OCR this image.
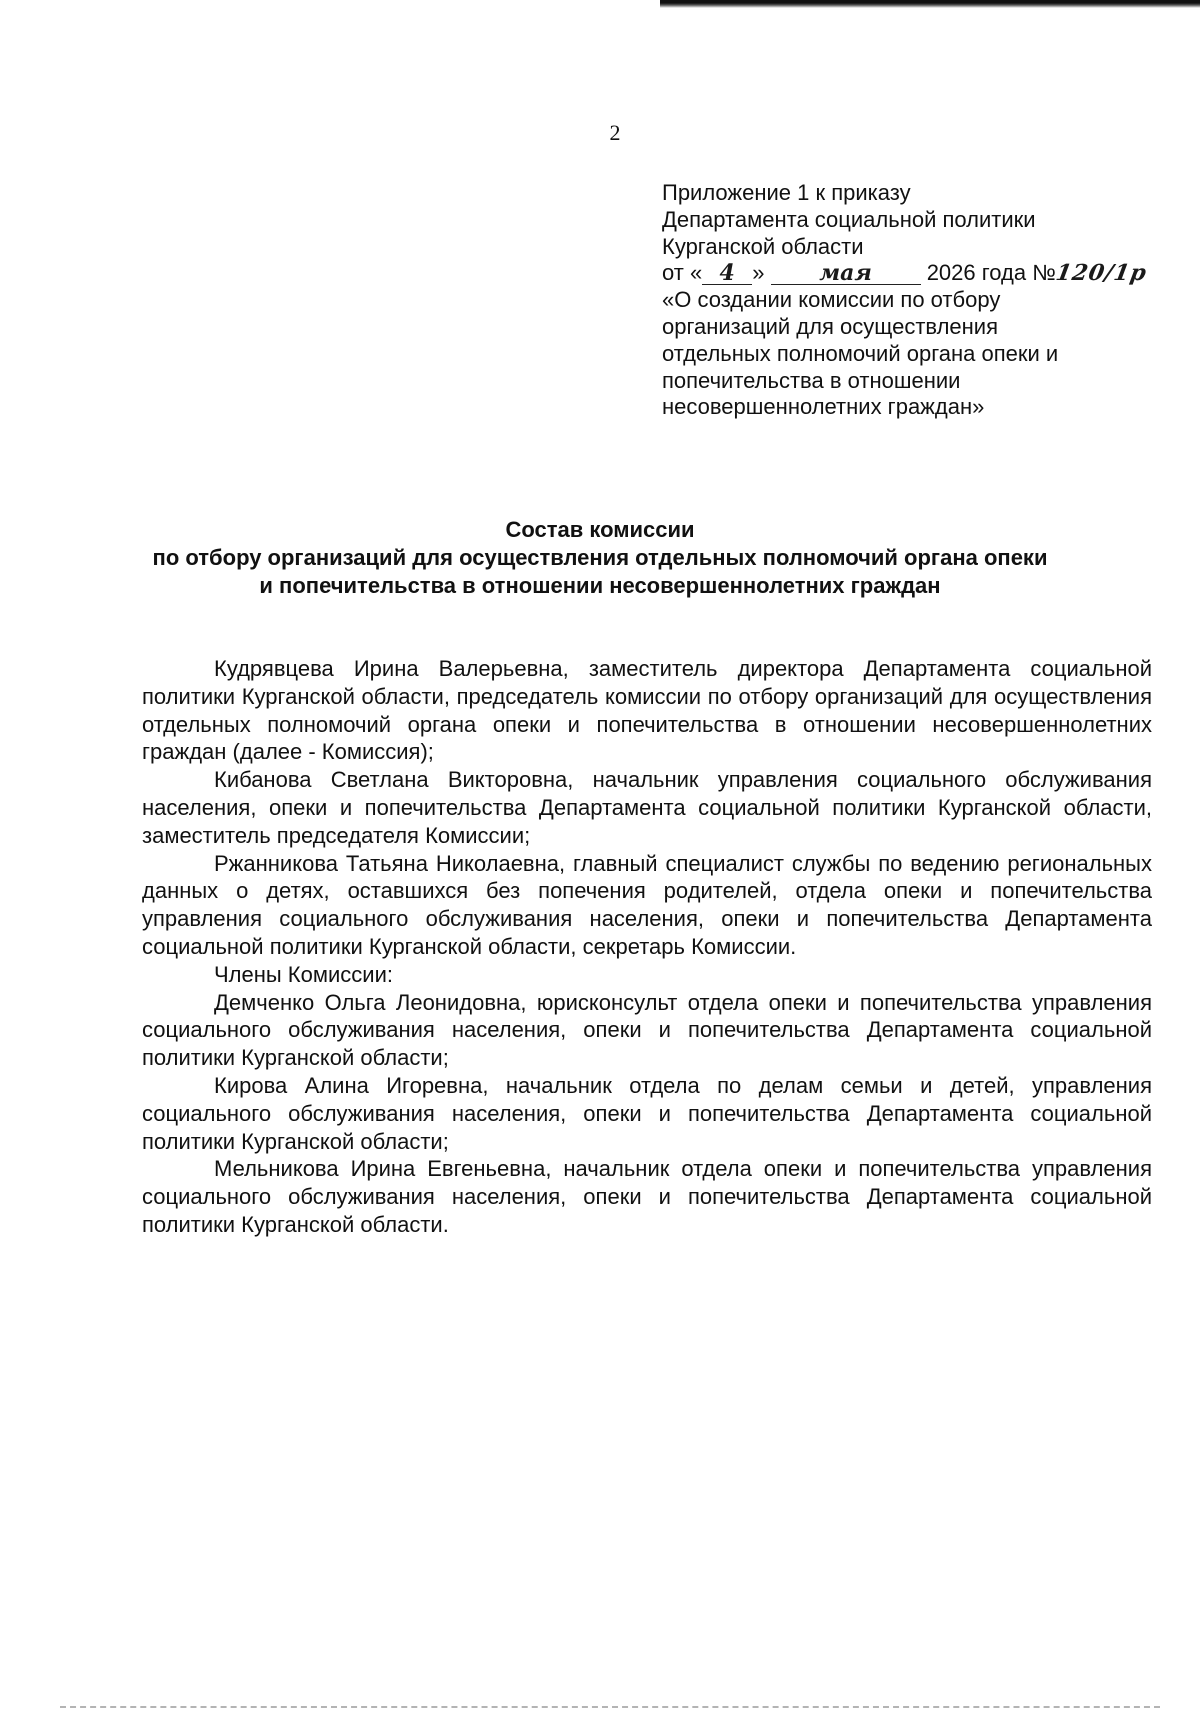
2
Приложение 1 к приказу
Департамента социальной политики
Курганской области
от « 4 » мая 2026 года №120/1р
«О создании комиссии по отбору
организаций для осуществления
отдельных полномочий органа опеки и
попечительства в отношении
несовершеннолетних граждан»
Состав комиссии
по отбору организаций для осуществления отдельных полномочий органа опеки
и попечительства в отношении несовершеннолетних граждан

Кудрявцева Ирина Валерьевна, заместитель директора Департамента социальной политики Курганской области, председатель комиссии по отбору организаций для осуществления отдельных полномочий органа опеки и попечительства в отношении несовершеннолетних граждан (далее - Комиссия);

Кибанова Светлана Викторовна, начальник управления социального обслуживания населения, опеки и попечительства Департамента социальной политики Курганской области, заместитель председателя Комиссии;

Ржанникова Татьяна Николаевна, главный специалист службы по ведению региональных данных о детях, оставшихся без попечения родителей, отдела опеки и попечительства управления социального обслуживания населения, опеки и попечительства Департамента социальной политики Курганской области, секретарь Комиссии.

Члены Комиссии:

Демченко Ольга Леонидовна, юрисконсульт отдела опеки и попечительства управления социального обслуживания населения, опеки и попечительства Департамента социальной политики Курганской области;

Кирова Алина Игоревна, начальник отдела по делам семьи и детей, управления социального обслуживания населения, опеки и попечительства Департамента социальной политики Курганской области;

Мельникова Ирина Евгеньевна, начальник отдела опеки и попечительства управления социального обслуживания населения, опеки и попечительства Департамента социальной политики Курганской области.
